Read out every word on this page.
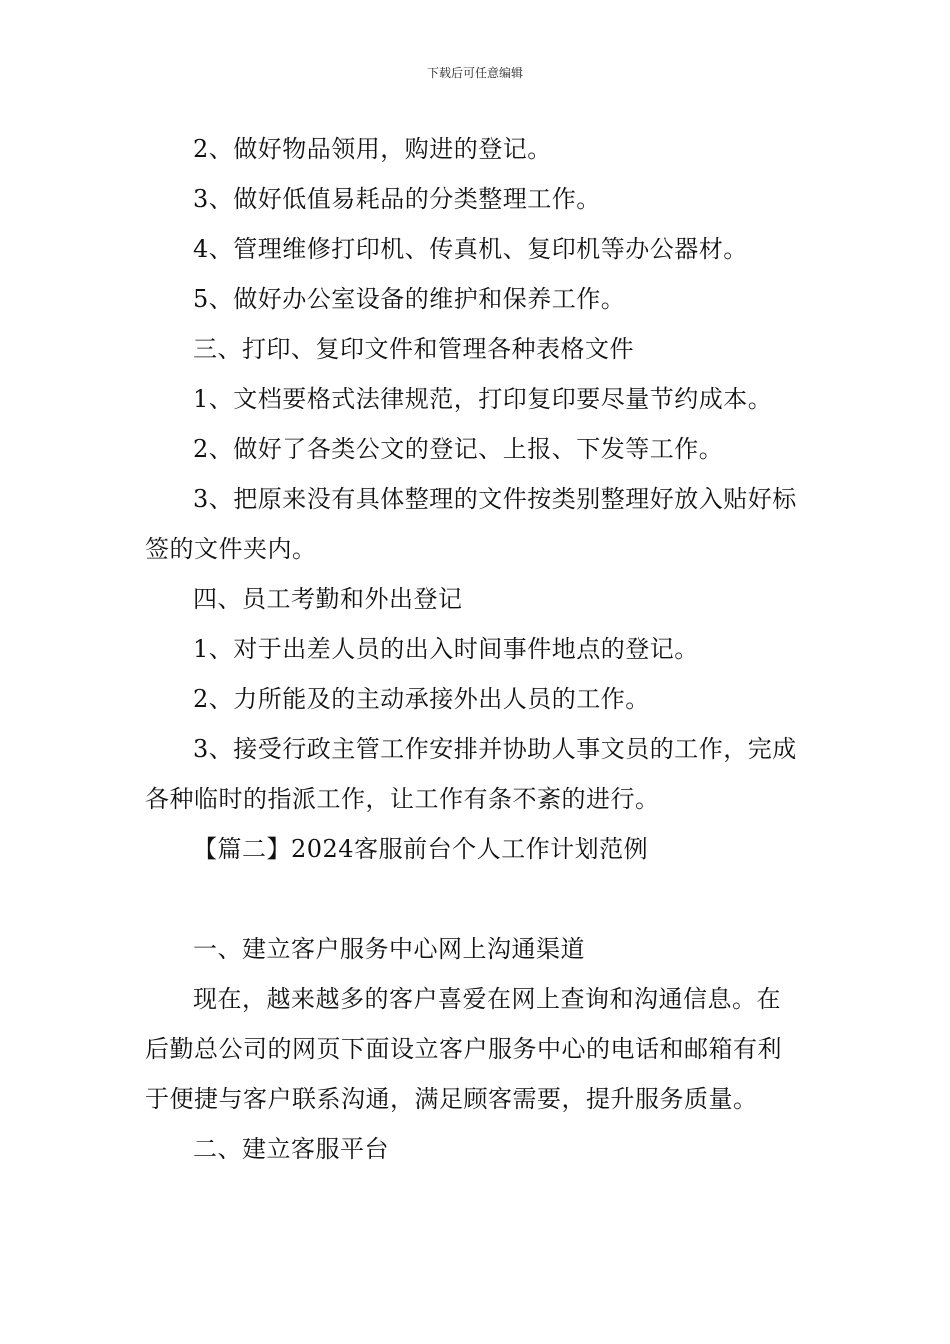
下载后可任意编辑

2、做好物品领用，购进的登记。

3、做好低值易耗品的分类整理工作。

4、管理维修打印机、传真机、复印机等办公器材。

5、做好办公室设备的维护和保养工作。

三、打印、复印文件和管理各种表格文件

1、文档要格式法律规范，打印复印要尽量节约成本。

2、做好了各类公文的登记、上报、下发等工作。

3、把原来没有具体整理的文件按类别整理好放入贴好标签的文件夹内。

四、员工考勤和外出登记

1、对于出差人员的出入时间事件地点的登记。

2、力所能及的主动承接外出人员的工作。

3、接受行政主管工作安排并协助人事文员的工作，完成各种临时的指派工作，让工作有条不紊的进行。

【篇二】2024客服前台个人工作计划范例

一、建立客户服务中心网上沟通渠道

现在，越来越多的客户喜爱在网上查询和沟通信息。在后勤总公司的网页下面设立客户服务中心的电话和邮箱有利于便捷与客户联系沟通，满足顾客需要，提升服务质量。

二、建立客服平台
